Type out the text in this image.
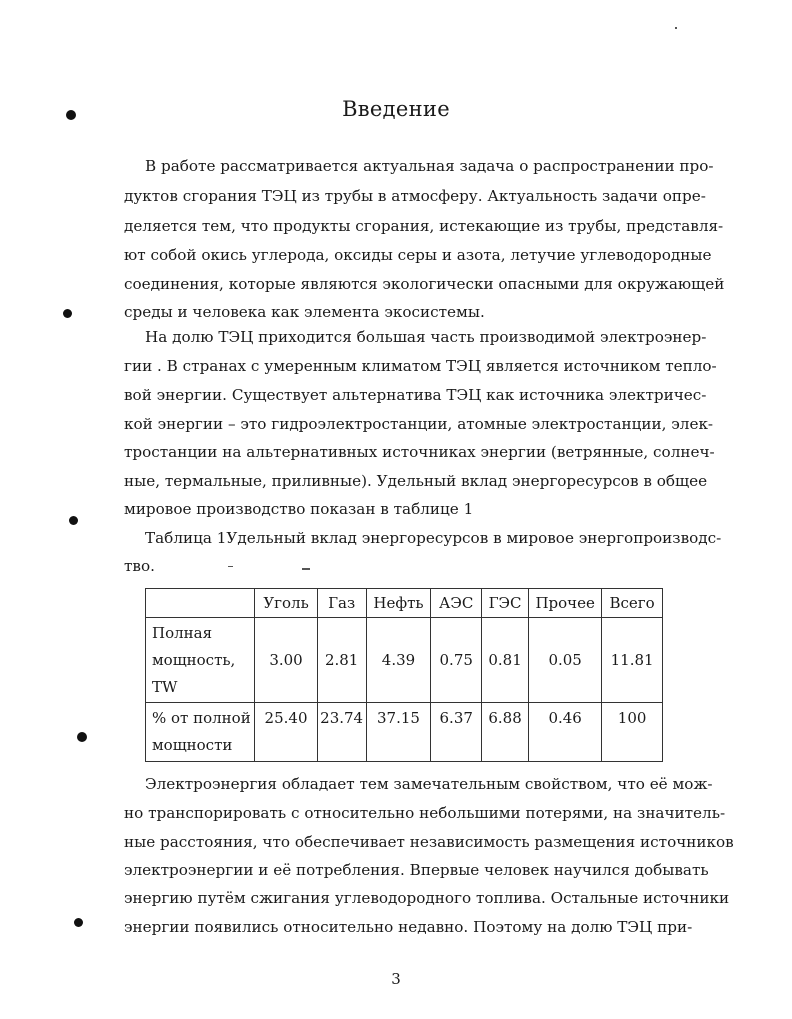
Введение
В работе рассматривается актуальная задача о распространении про-
дуктов сгорания ТЭЦ из трубы в атмосферу. Актуальность задачи опре-
деляется тем, что продукты сгорания, истекающие из трубы, представля-
ют собой окись углерода, оксиды серы и азота, летучие углеводородные
соединения, которые являются экологически опасными для окружающей
среды и человека как элемента экосистемы.
На долю ТЭЦ приходится большая часть производимой электроэнер-
гии . В странах с умеренным климатом ТЭЦ является источником тепло-
вой энергии. Существует альтернатива ТЭЦ как источника электричес-
кой энергии – это гидроэлектростанции, атомные электростанции, элек-
тростанции на альтернативных источниках энергии (ветрянные, солнеч-
ные, термальные, приливные). Удельный вклад энергоресурсов в общее
мировое производство показан в таблице 1
Таблица 1Удельный вклад энергоресурсов в мировое энергопроизводс-
тво.
	Уголь	Газ	Нефть	АЭС	ГЭС	Прочее	Всего

Полная
мощность,
TW	3.00	2.81	4.39	0.75	0.81	0.05	11.81

% от полной
мощности	25.40	23.74	37.15	6.37	6.88	0.46	100
Электроэнергия обладает тем замечательным свойством, что её мож-
но транспорировать с относительно небольшими потерями, на значитель-
ные расстояния, что обеспечивает независимость размещения источников
электроэнергии и её потребления. Впервые человек научился добывать
энергию путём сжигания углеводородного топлива. Остальные источники
энергии появились относительно недавно. Поэтому на долю ТЭЦ при-
3
